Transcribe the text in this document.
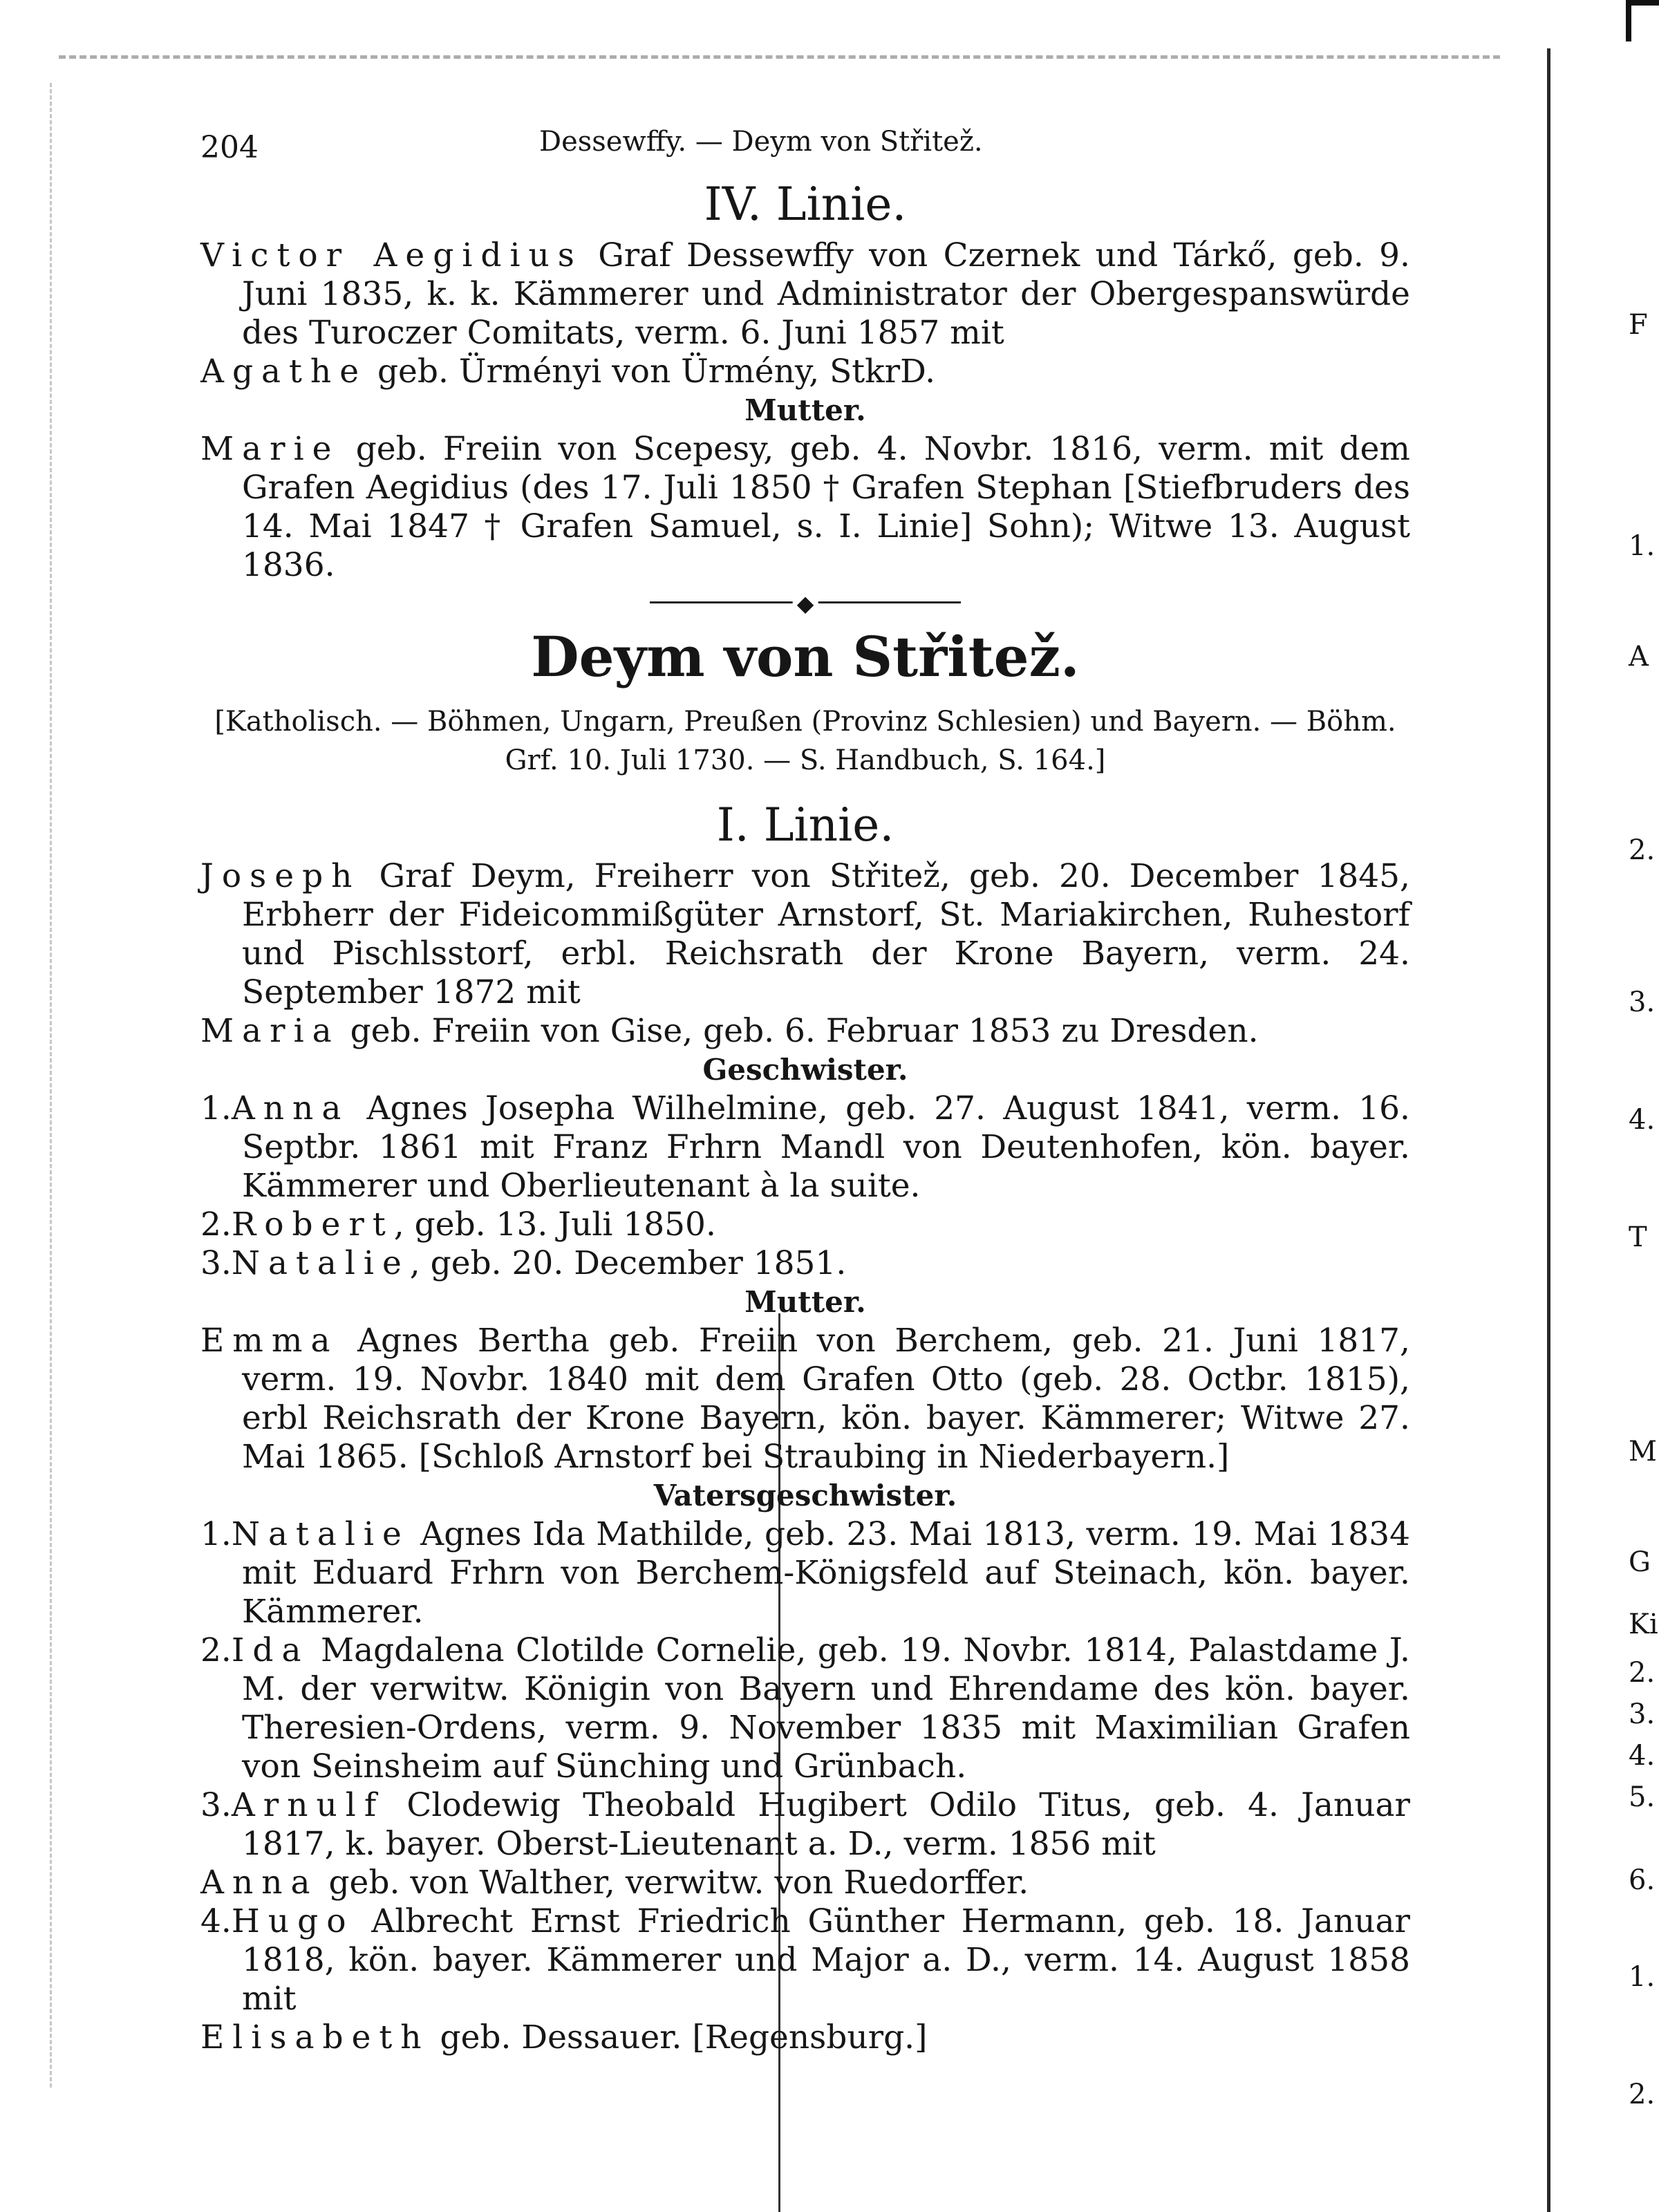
F
1.
A
2.
3.
4.
T
M
G
Ki
2.
3.
4.
5.
6.
1.
2.
204	Dessewffy. — Deym von Střitež.

IV. Linie.

Victor Aegidius Graf Dessewffy von Czernek und Tárkő, geb. 9. Juni 1835, k. k. Kämmerer und Administrator der Obergespanswürde des Turoczer Comitats, verm. 6. Juni 1857 mit

Agathe geb. Ürményi von Ürmény, StkrD.

Mutter.

Marie geb. Freiin von Scepesy, geb. 4. Novbr. 1816, verm. mit dem Grafen Aegidius (des 17. Juli 1850 † Grafen Stephan [Stiefbruders des 14. Mai 1847 † Grafen Samuel, s. I. Linie] Sohn); Witwe 13. August 1836.

◆

Deym von Střitež.

[Katholisch. — Böhmen, Ungarn, Preußen (Provinz Schlesien) und Bayern. — Böhm. Grf. 10. Juli 1730. — S. Handbuch, S. 164.]

I. Linie.

Joseph Graf Deym, Freiherr von Střitež, geb. 20. December 1845, Erbherr der Fideicommißgüter Arnstorf, St. Mariakirchen, Ruhestorf und Pischlsstorf, erbl. Reichsrath der Krone Bayern, verm. 24. September 1872 mit

Maria geb. Freiin von Gise, geb. 6. Februar 1853 zu Dresden.

Geschwister.

1.Anna Agnes Josepha Wilhelmine, geb. 27. August 1841, verm. 16. Septbr. 1861 mit Franz Frhrn Mandl von Deutenhofen, kön. bayer. Kämmerer und Oberlieutenant à la suite.

2.Robert, geb. 13. Juli 1850.

3.Natalie, geb. 20. December 1851.

Mutter.

Emma Agnes Bertha geb. Freiin von Berchem, geb. 21. Juni 1817, verm. 19. Novbr. 1840 mit dem Grafen Otto (geb. 28. Octbr. 1815), erbl Reichsrath der Krone Bayern, kön. bayer. Kämmerer; Witwe 27. Mai 1865. [Schloß Arnstorf bei Straubing in Niederbayern.]

Vatersgeschwister.

1.Natalie Agnes Ida Mathilde, geb. 23. Mai 1813, verm. 19. Mai 1834 mit Eduard Frhrn von Berchem-Königsfeld auf Steinach, kön. bayer. Kämmerer.

2.Ida Magdalena Clotilde Cornelie, geb. 19. Novbr. 1814, Palastdame J. M. der verwitw. Königin von Bayern und Ehrendame des kön. bayer. Theresien-Ordens, verm. 9. November 1835 mit Maximilian Grafen von Seinsheim auf Sünching und Grünbach.

3.Arnulf Clodewig Theobald Hugibert Odilo Titus, geb. 4. Januar 1817, k. bayer. Oberst-Lieutenant a. D., verm. 1856 mit

Anna geb. von Walther, verwitw. von Ruedorffer.

4.Hugo Albrecht Ernst Friedrich Günther Hermann, geb. 18. Januar 1818, kön. bayer. Kämmerer und Major a. D., verm. 14. August 1858 mit

Elisabeth geb. Dessauer. [Regensburg.]
